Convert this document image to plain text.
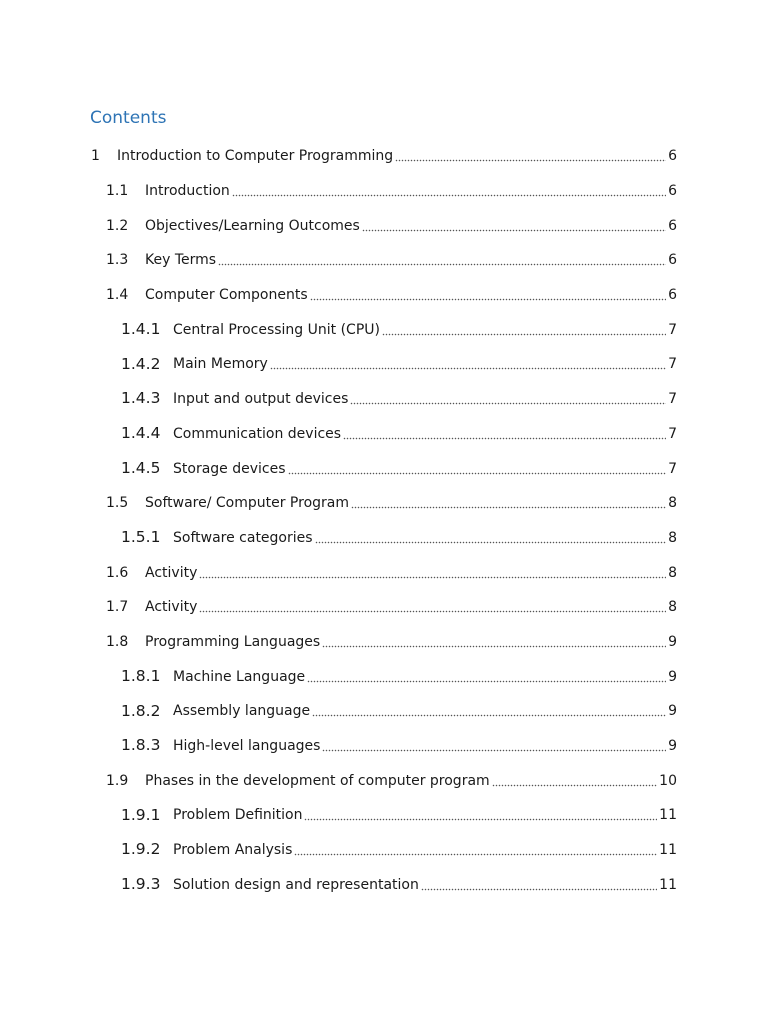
Contents
1 Introduction to Computer Programming	6
1.1 Introduction	6
1.2 Objectives/Learning Outcomes	6
1.3 Key Terms	6
1.4 Computer Components	6
1.4.1 Central Processing Unit (CPU)	7
1.4.2 Main Memory	7
1.4.3 Input and output devices	7
1.4.4 Communication devices	7
1.4.5 Storage devices	7
1.5 Software/ Computer Program	8
1.5.1 Software categories	8
1.6 Activity	8
1.7 Activity	8
1.8 Programming Languages	9
1.8.1 Machine Language	9
1.8.2 Assembly language	9
1.8.3 High-level languages	9
1.9 Phases in the development of computer program	10
1.9.1 Problem Definition	11
1.9.2 Problem Analysis	11
1.9.3 Solution design and representation	11
